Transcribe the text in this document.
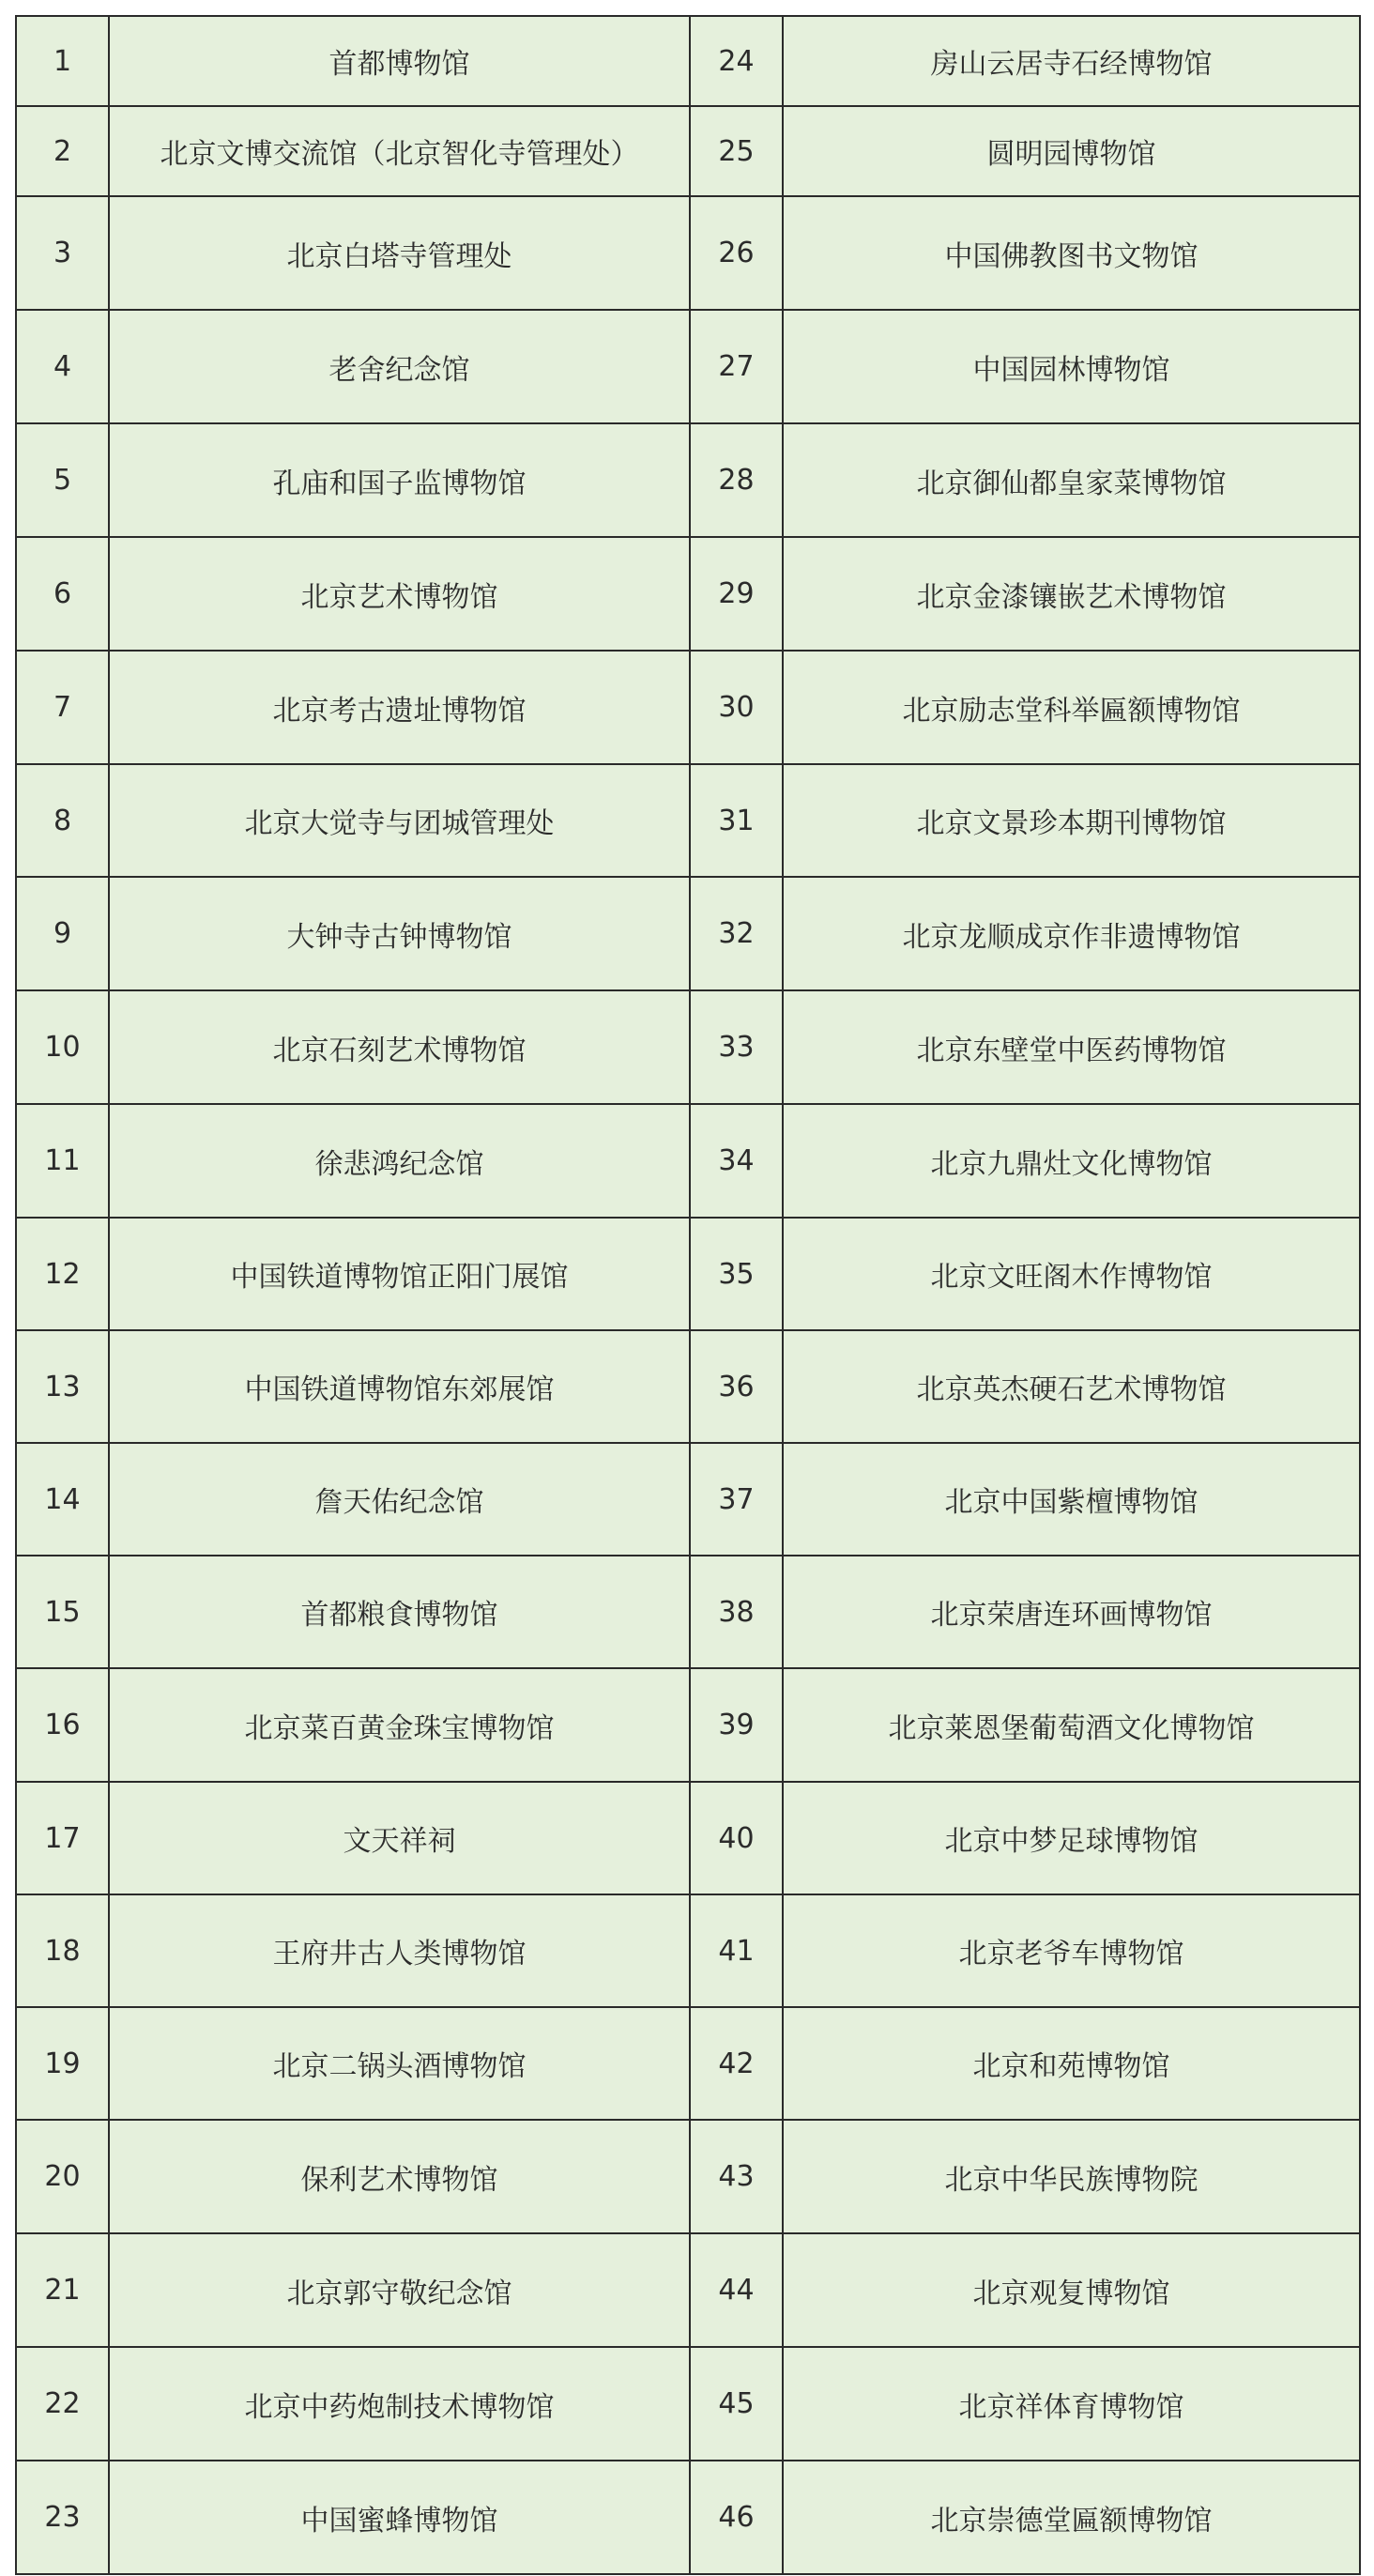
1	首都博物馆	24	房山云居寺石经博物馆
2	北京文博交流馆（北京智化寺管理处）	25	圆明园博物馆
3	北京白塔寺管理处	26	中国佛教图书文物馆
4	老舍纪念馆	27	中国园林博物馆
5	孔庙和国子监博物馆	28	北京御仙都皇家菜博物馆
6	北京艺术博物馆	29	北京金漆镶嵌艺术博物馆
7	北京考古遗址博物馆	30	北京励志堂科举匾额博物馆
8	北京大觉寺与团城管理处	31	北京文景珍本期刊博物馆
9	大钟寺古钟博物馆	32	北京龙顺成京作非遗博物馆
10	北京石刻艺术博物馆	33	北京东壁堂中医药博物馆
11	徐悲鸿纪念馆	34	北京九鼎灶文化博物馆
12	中国铁道博物馆正阳门展馆	35	北京文旺阁木作博物馆
13	中国铁道博物馆东郊展馆	36	北京英杰硬石艺术博物馆
14	詹天佑纪念馆	37	北京中国紫檀博物馆
15	首都粮食博物馆	38	北京荣唐连环画博物馆
16	北京菜百黄金珠宝博物馆	39	北京莱恩堡葡萄酒文化博物馆
17	文天祥祠	40	北京中梦足球博物馆
18	王府井古人类博物馆	41	北京老爷车博物馆
19	北京二锅头酒博物馆	42	北京和苑博物馆
20	保利艺术博物馆	43	北京中华民族博物院
21	北京郭守敬纪念馆	44	北京观复博物馆
22	北京中药炮制技术博物馆	45	北京祥体育博物馆
23	中国蜜蜂博物馆	46	北京崇德堂匾额博物馆
